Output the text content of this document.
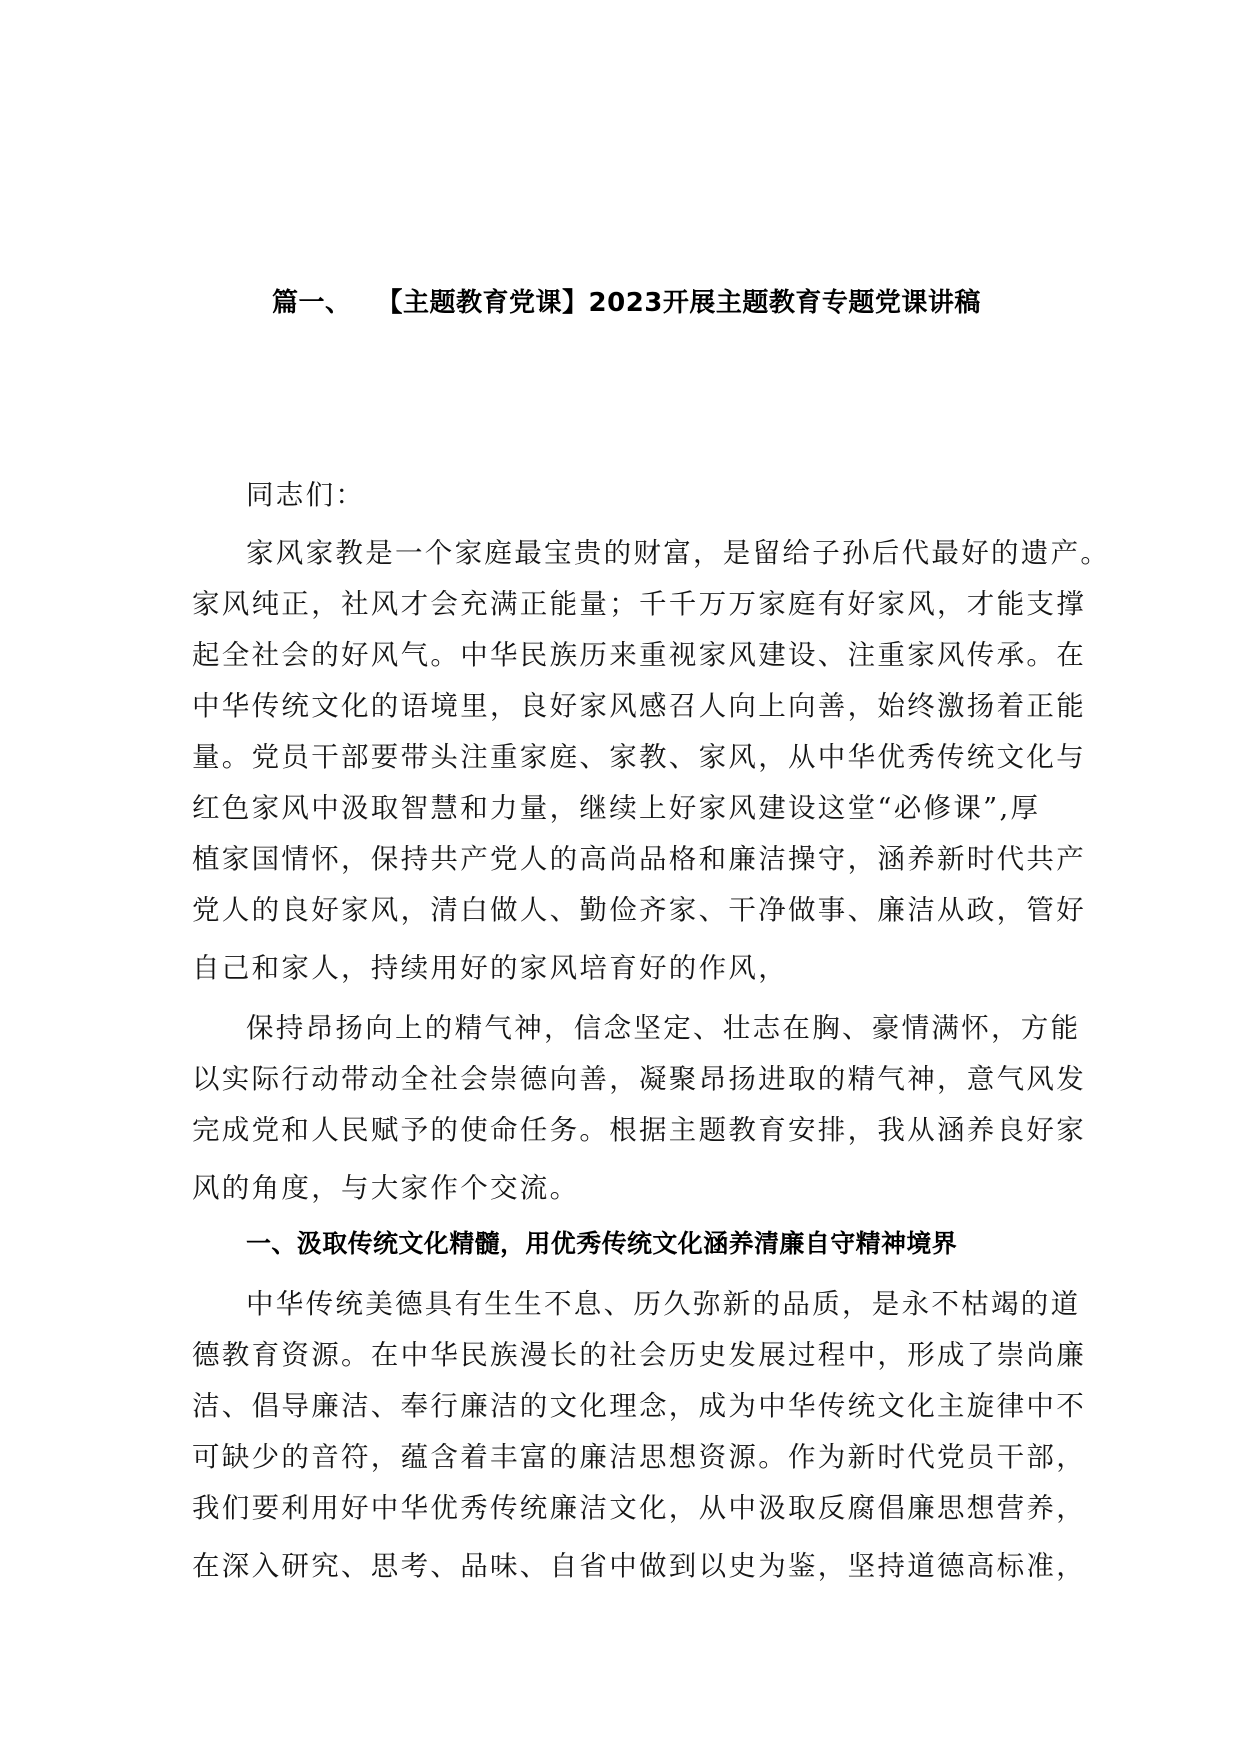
篇一、 【主题教育党课】2023开展主题教育专题党课讲稿
同志们：
家风家教是一个家庭最宝贵的财富，是留给子孙后代最好的遗产。
家风纯正，社风才会充满正能量；千千万万家庭有好家风，才能支撑
起全社会的好风气。中华民族历来重视家风建设、注重家风传承。在
中华传统文化的语境里，良好家风感召人向上向善，始终激扬着正能
量。党员干部要带头注重家庭、家教、家风，从中华优秀传统文化与
红色家风中汲取智慧和力量，继续上好家风建设这堂“必修课”,厚
植家国情怀，保持共产党人的高尚品格和廉洁操守，涵养新时代共产
党人的良好家风，清白做人、勤俭齐家、干净做事、廉洁从政，管好
自己和家人，持续用好的家风培育好的作风，
保持昂扬向上的精气神，信念坚定、壮志在胸、豪情满怀，方能
以实际行动带动全社会崇德向善，凝聚昂扬进取的精气神，意气风发
完成党和人民赋予的使命任务。根据主题教育安排，我从涵养良好家
风的角度，与大家作个交流。
一、汲取传统文化精髓，用优秀传统文化涵养清廉自守精神境界
中华传统美德具有生生不息、历久弥新的品质，是永不枯竭的道
德教育资源。在中华民族漫长的社会历史发展过程中，形成了崇尚廉
洁、倡导廉洁、奉行廉洁的文化理念，成为中华传统文化主旋律中不
可缺少的音符，蕴含着丰富的廉洁思想资源。作为新时代党员干部，
我们要利用好中华优秀传统廉洁文化，从中汲取反腐倡廉思想营养，
在深入研究、思考、品味、自省中做到以史为鉴，坚持道德高标准，
